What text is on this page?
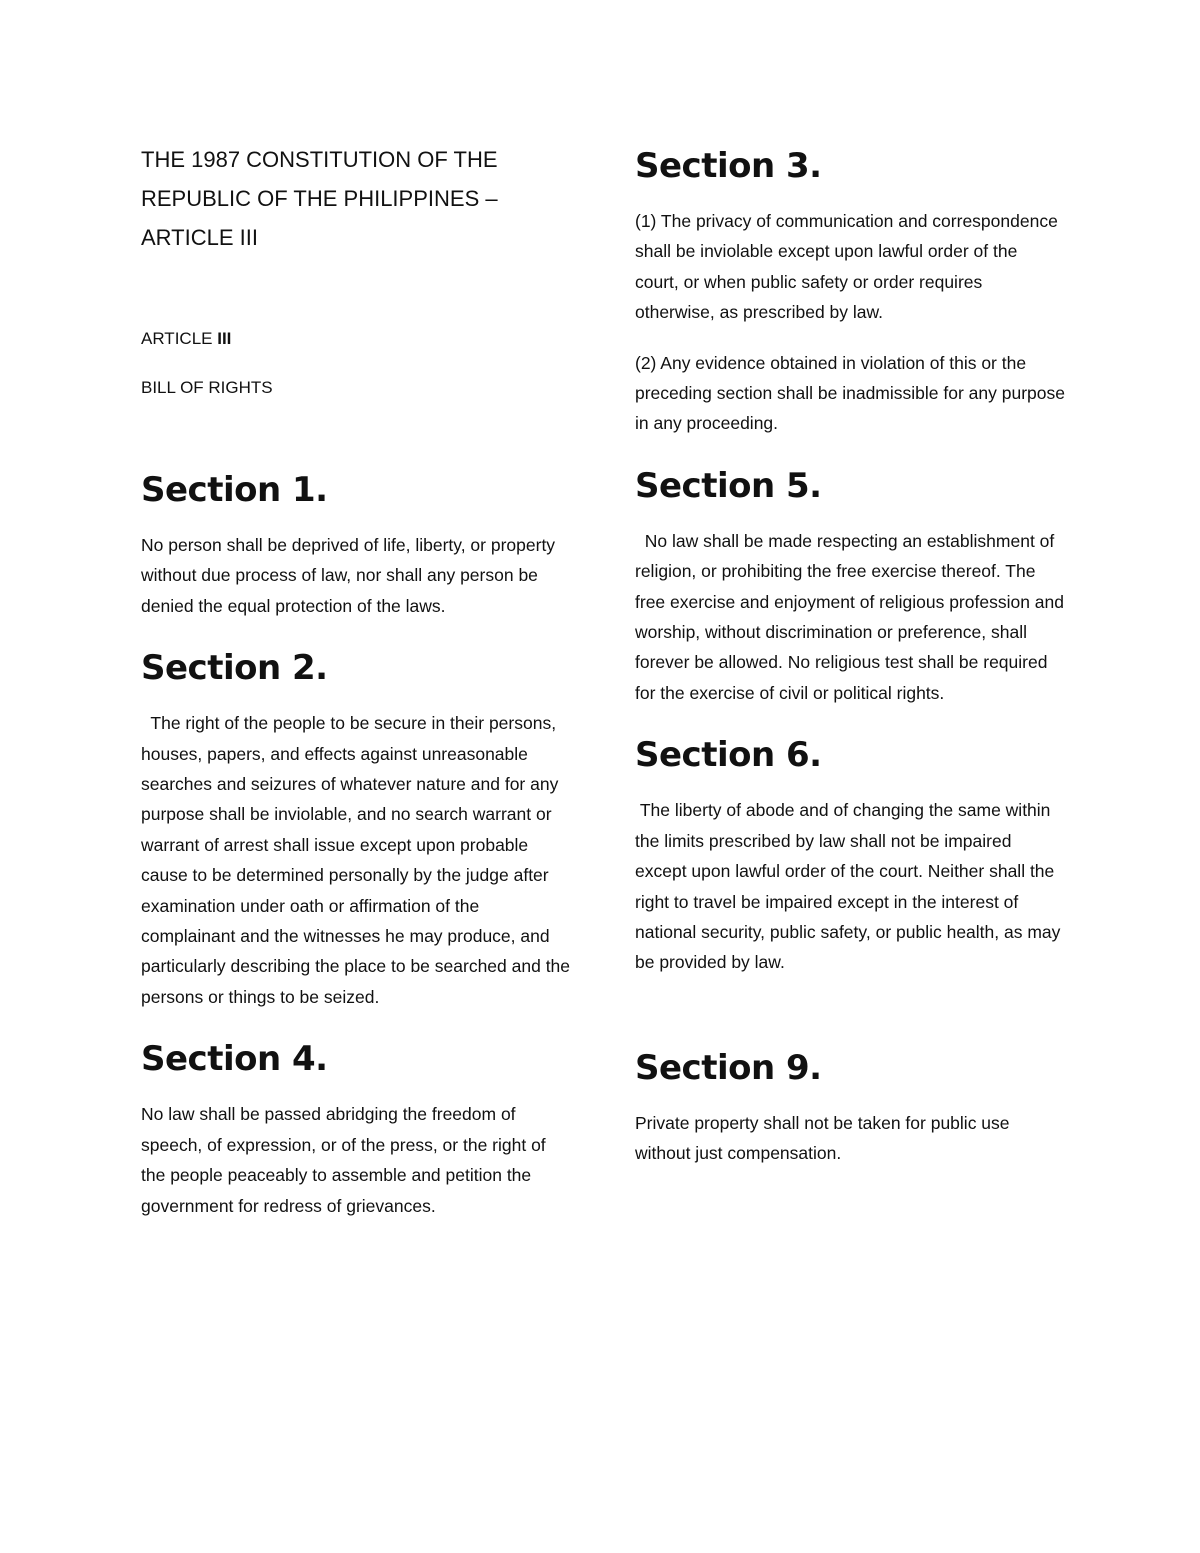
THE 1987 CONSTITUTION OF THE

REPUBLIC OF THE PHILIPPINES –

ARTICLE III

ARTICLE III

BILL OF RIGHTS

Section 1.

No person shall be deprived of life, liberty, or property without due process of law, nor shall any person be denied the equal protection of the laws.

Section 2.

The right of the people to be secure in their persons, houses, papers, and effects against unreasonable searches and seizures of whatever nature and for any purpose shall be inviolable, and no search warrant or warrant of arrest shall issue except upon probable cause to be determined personally by the judge after examination under oath or affirmation of the complainant and the witnesses he may produce, and particularly describing the place to be searched and the persons or things to be seized.

Section 4.

No law shall be passed abridging the freedom of speech, of expression, or of the press, or the right of the people peaceably to assemble and petition the government for redress of grievances.

Section 3.

(1) The privacy of communication and correspondence shall be inviolable except upon lawful order of the court, or when public safety or order requires otherwise, as prescribed by law.

(2) Any evidence obtained in violation of this or the preceding section shall be inadmissible for any purpose in any proceeding.

Section 5.

No law shall be made respecting an establishment of religion, or prohibiting the free exercise thereof. The free exercise and enjoyment of religious profession and worship, without discrimination or preference, shall forever be allowed. No religious test shall be required for the exercise of civil or political rights.

Section 6.

The liberty of abode and of changing the same within the limits prescribed by law shall not be impaired except upon lawful order of the court. Neither shall the right to travel be impaired except in the interest of national security, public safety, or public health, as may be provided by law.

Section 9.

Private property shall not be taken for public use without just compensation.
